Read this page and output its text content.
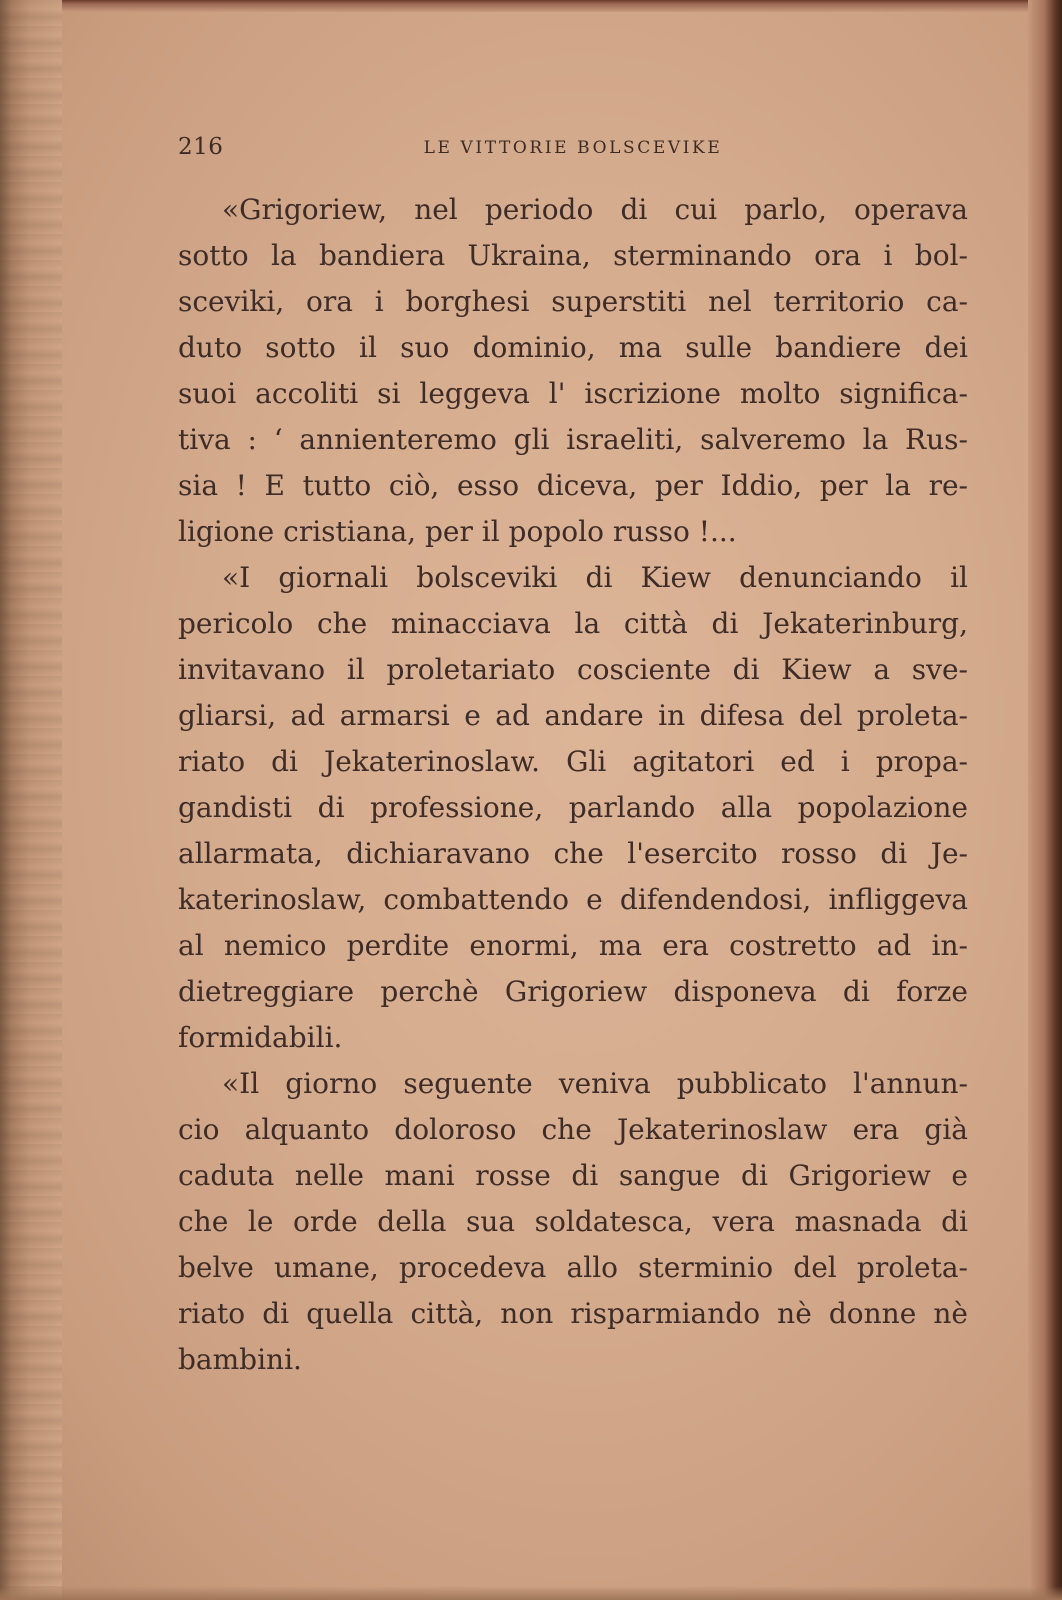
216	LE VITTORIE BOLSCEVIKE
«Grigoriew, nel periodo di cui parlo, operava
sotto la bandiera Ukraina, sterminando ora i bol-
sceviki, ora i borghesi superstiti nel territorio ca-
duto sotto il suo dominio, ma sulle bandiere dei
suoi accoliti si leggeva l' iscrizione molto significa-
tiva : ‘ annienteremo gli israeliti, salveremo la Rus-
sia ! E tutto ciò, esso diceva, per Iddio, per la re-
ligione cristiana, per il popolo russo !...
«I giornali bolsceviki di Kiew denunciando il
pericolo che minacciava la città di Jekaterinburg,
invitavano il proletariato cosciente di Kiew a sve-
gliarsi, ad armarsi e ad andare in difesa del proleta-
riato di Jekaterinoslaw. Gli agitatori ed i propa-
gandisti di professione, parlando alla popolazione
allarmata, dichiaravano che l'esercito rosso di Je-
katerinoslaw, combattendo e difendendosi, infliggeva
al nemico perdite enormi, ma era costretto ad in-
dietreggiare perchè Grigoriew disponeva di forze
formidabili.
«Il giorno seguente veniva pubblicato l'annun-
cio alquanto doloroso che Jekaterinoslaw era già
caduta nelle mani rosse di sangue di Grigoriew e
che le orde della sua soldatesca, vera masnada di
belve umane, procedeva allo sterminio del proleta-
riato di quella città, non risparmiando nè donne nè
bambini.
